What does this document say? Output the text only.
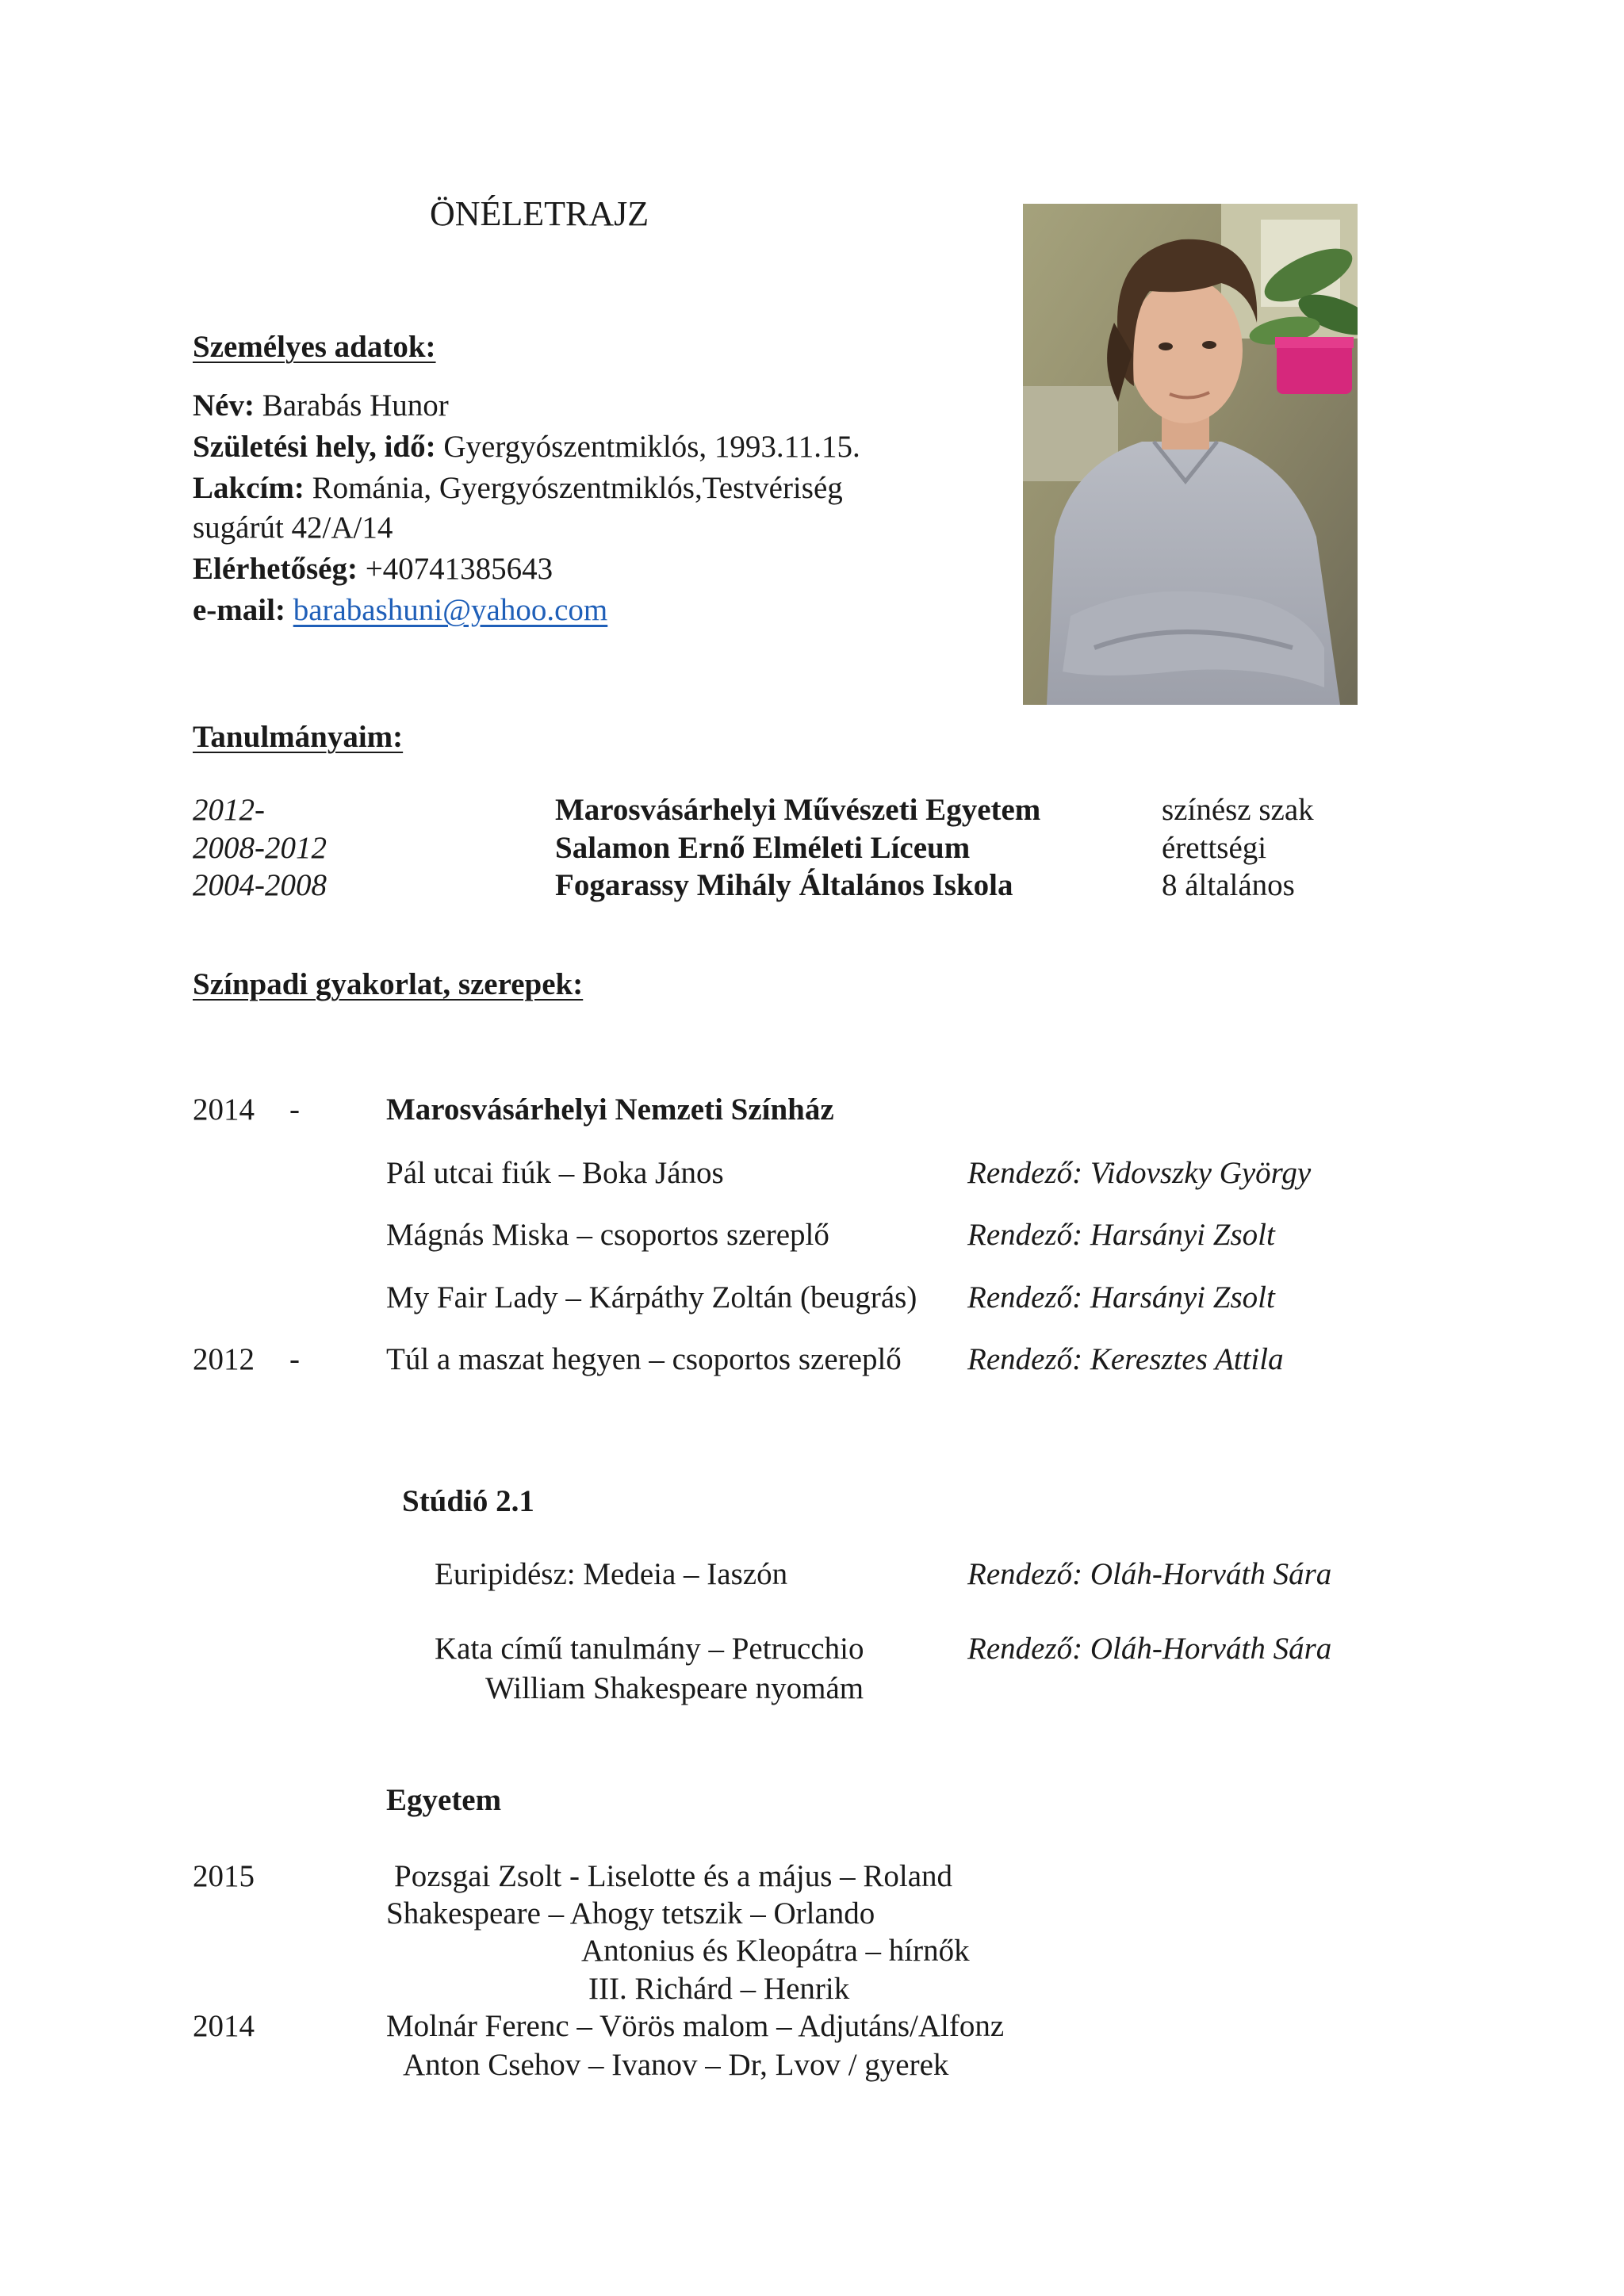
ÖNÉLETRAJZ
Személyes adatok:
Név: Barabás Hunor
Születési hely, idő: Gyergyószentmiklós, 1993.11.15.
Lakcím: Románia, Gyergyószentmiklós,Testvériség
sugárút 42/A/14
Elérhetőség: +40741385643
e-mail: barabashuni@yahoo.com
Tanulmányaim:
2012-	Marosvásárhelyi Művészeti Egyetem	színész szak
2008-2012	Salamon Ernő Elméleti Líceum	érettségi
2004-2008	Fogarassy Mihály Általános Iskola	8 általános
Színpadi gyakorlat, szerepek:
2014 -	Marosvásárhelyi Nemzeti Színház
Pál utcai fiúk – Boka János	Rendező: Vidovszky György
Mágnás Miska – csoportos szereplő	Rendező: Harsányi Zsolt
My Fair Lady – Kárpáthy Zoltán (beugrás) Rendező: Harsányi Zsolt
2012 -	Túl a maszat hegyen – csoportos szereplő Rendező: Keresztes Attila
Stúdió 2.1
Euripidész: Medeia – Iaszón	Rendező: Oláh-Horváth Sára
Kata című tanulmány – Petrucchio
William Shakespeare nyomám
Rendező: Oláh-Horváth Sára
Egyetem
2015	Pozsgai Zsolt - Liselotte és a május – Roland
Shakespeare – Ahogy tetszik – Orlando
Antonius és Kleopátra – hírnők
III. Richárd – Henrik
2014	Molnár Ferenc – Vörös malom – Adjutáns/Alfonz
Anton Csehov – Ivanov – Dr, Lvov / gyerek
